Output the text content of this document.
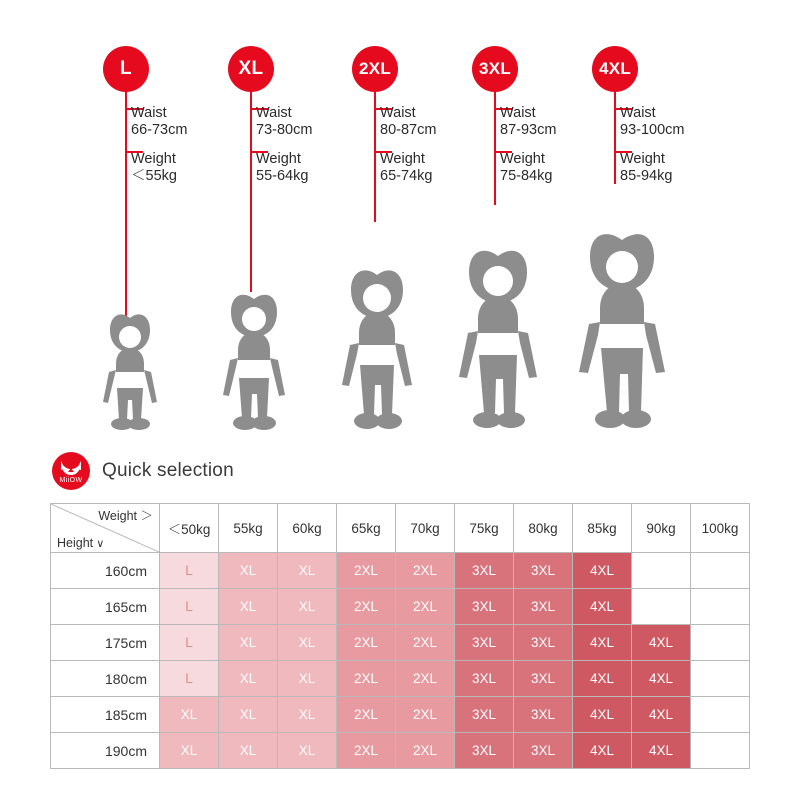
L
Waist
66-73cm
Weight
＜55kg
XL
Waist
73-80cm
Weight
55-64kg
2XL
Waist
80-87cm
Weight
65-74kg
3XL
Waist
87-93cm
Weight
75-84kg
4XL
Waist
93-100cm
Weight
85-94kg
MiiOW Quick selection
Weight ＞
Height ∨	＜50kg	55kg	60kg	65kg	70kg	75kg	80kg	85kg	90kg	100kg
160cm	L	XL	XL	2XL	2XL	3XL	3XL	4XL		
165cm	L	XL	XL	2XL	2XL	3XL	3XL	4XL		
175cm	L	XL	XL	2XL	2XL	3XL	3XL	4XL	4XL	
180cm	L	XL	XL	2XL	2XL	3XL	3XL	4XL	4XL	
185cm	XL	XL	XL	2XL	2XL	3XL	3XL	4XL	4XL	
190cm	XL	XL	XL	2XL	2XL	3XL	3XL	4XL	4XL	
